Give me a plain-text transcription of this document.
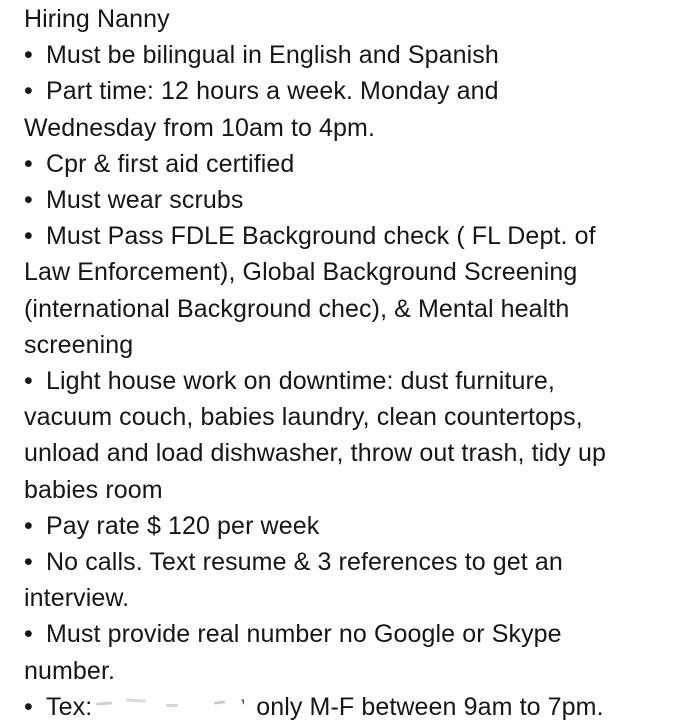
Hiring Nanny
• Must be bilingual in English and Spanish
• Part time: 12 hours a week. Monday and
Wednesday from 10am to 4pm.
• Cpr & first aid certified
• Must wear scrubs
• Must Pass FDLE Background check ( FL Dept. of
Law Enforcement), Global Background Screening
(international Background chec), & Mental health
screening
• Light house work on downtime: dust furniture,
vacuum couch, babies laundry, clean countertops,
unload and load dishwasher, throw out trash, tidy up
babies room
• Pay rate $ 120 per week
• No calls. Text resume & 3 references to get an
interview.
• Must provide real number no Google or Skype
number.
• Tex:	ʼ only M-F between 9am to 7pm.
